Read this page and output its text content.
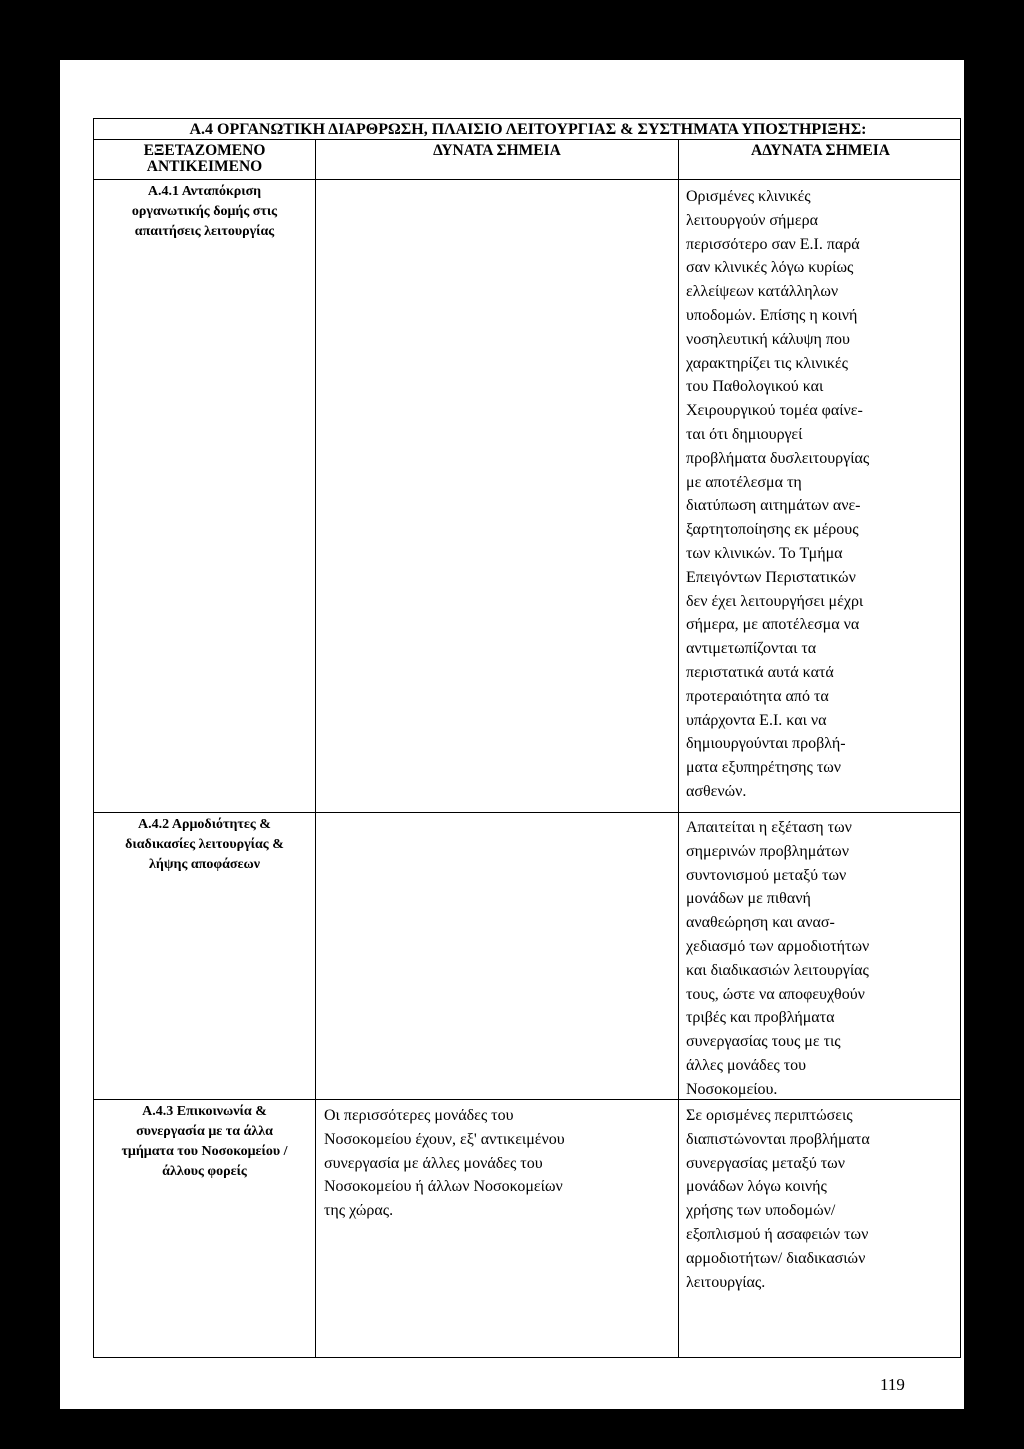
Α.4 ΟΡΓΑΝΩΤΙΚΗ ΔΙΑΡΘΡΩΣΗ, ΠΛΑΙΣΙΟ ΛΕΙΤΟΥΡΓΙΑΣ & ΣΥΣΤΗΜΑΤΑ ΥΠΟΣΤΗΡΙΞΗΣ:
ΕΞΕΤΑΖΟΜΕΝΟ
ΑΝΤΙΚΕΙΜΕΝΟ
ΔΥΝΑΤΑ ΣΗΜΕΙΑ	ΑΔΥΝΑΤΑ ΣΗΜΕΙΑ
Α.4.1 Ανταπόκριση
οργανωτικής δομής στις
απαιτήσεις λειτουργίας
Ορισμένες κλινικές
λειτουργούν σήμερα
περισσότερο σαν Ε.Ι. παρά
σαν κλινικές λόγω κυρίως
ελλείψεων κατάλληλων
υποδομών. Επίσης η κοινή
νοσηλευτική κάλυψη που
χαρακτηρίζει τις κλινικές
του Παθολογικού και
Χειρουργικού τομέα φαίνε-
ται ότι δημιουργεί
προβλήματα δυσλειτουργίας
με αποτέλεσμα τη
διατύπωση αιτημάτων ανε-
ξαρτητοποίησης εκ μέρους
των κλινικών. Το Τμήμα
Επειγόντων Περιστατικών
δεν έχει λειτουργήσει μέχρι
σήμερα, με αποτέλεσμα να
αντιμετωπίζονται τα
περιστατικά αυτά κατά
προτεραιότητα από τα
υπάρχοντα Ε.Ι. και να
δημιουργούνται προβλή-
ματα εξυπηρέτησης των
ασθενών.
Α.4.2 Αρμοδιότητες &
διαδικασίες λειτουργίας &
λήψης αποφάσεων
Απαιτείται η εξέταση των
σημερινών προβλημάτων
συντονισμού μεταξύ των
μονάδων με πιθανή
αναθεώρηση και ανασ-
χεδιασμό των αρμοδιοτήτων
και διαδικασιών λειτουργίας
τους, ώστε να αποφευχθούν
τριβές και προβλήματα
συνεργασίας τους με τις
άλλες μονάδες του
Νοσοκομείου.
Α.4.3 Επικοινωνία &
συνεργασία με τα άλλα
τμήματα του Νοσοκομείου /
άλλους φορείς
Οι περισσότερες μονάδες του
Νοσοκομείου έχουν, εξ' αντικειμένου
συνεργασία με άλλες μονάδες του
Νοσοκομείου ή άλλων Νοσοκομείων
της χώρας.
Σε ορισμένες περιπτώσεις
διαπιστώνονται προβλήματα
συνεργασίας μεταξύ των
μονάδων λόγω κοινής
χρήσης των υποδομών/
εξοπλισμού ή ασαφειών των
αρμοδιοτήτων/ διαδικασιών
λειτουργίας.
119
